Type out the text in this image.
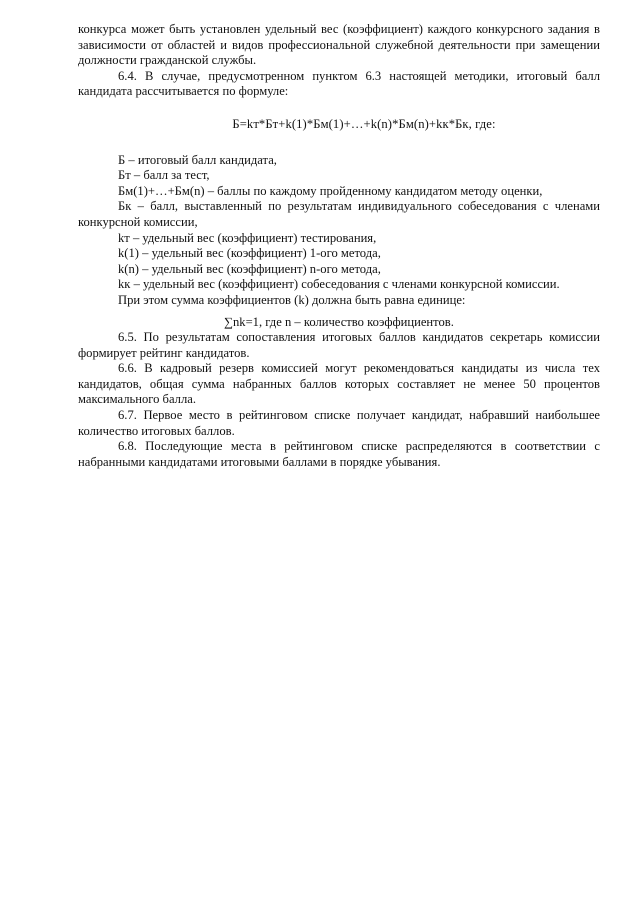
конкурса может быть установлен удельный вес (коэффициент) каждого конкурсного задания в зависимости от областей и видов профессиональной служебной деятельности при замещении должности гражданской службы.

6.4. В случае, предусмотренном пунктом 6.3 настоящей методики, итоговый балл кандидата рассчитывается по формуле:

Б=kт*Бт+k(1)*Бм(1)+…+k(n)*Бм(n)+kк*Бк, где:

Б – итоговый балл кандидата,

Бт – балл за тест,

Бм(1)+…+Бм(n) – баллы по каждому пройденному кандидатом методу оценки,

Бк – балл, выставленный по результатам индивидуального собеседования с членами конкурсной комиссии,

kт – удельный вес (коэффициент) тестирования,

k(1) – удельный вес (коэффициент) 1-ого метода,

k(n) – удельный вес (коэффициент) n-ого метода,

kк – удельный вес (коэффициент) собеседования с членами конкурсной комиссии.

При этом сумма коэффициентов (k) должна быть равна единице:

∑nk=1, где n – количество коэффициентов.

6.5. По результатам сопоставления итоговых баллов кандидатов секретарь комиссии формирует рейтинг кандидатов.

6.6. В кадровый резерв комиссией могут рекомендоваться кандидаты из числа тех кандидатов, общая сумма набранных баллов которых составляет не менее 50 процентов максимального балла.

6.7. Первое место в рейтинговом списке получает кандидат, набравший наибольшее количество итоговых баллов.

6.8. Последующие места в рейтинговом списке распределяются в соответствии с набранными кандидатами итоговыми баллами в порядке убывания.
